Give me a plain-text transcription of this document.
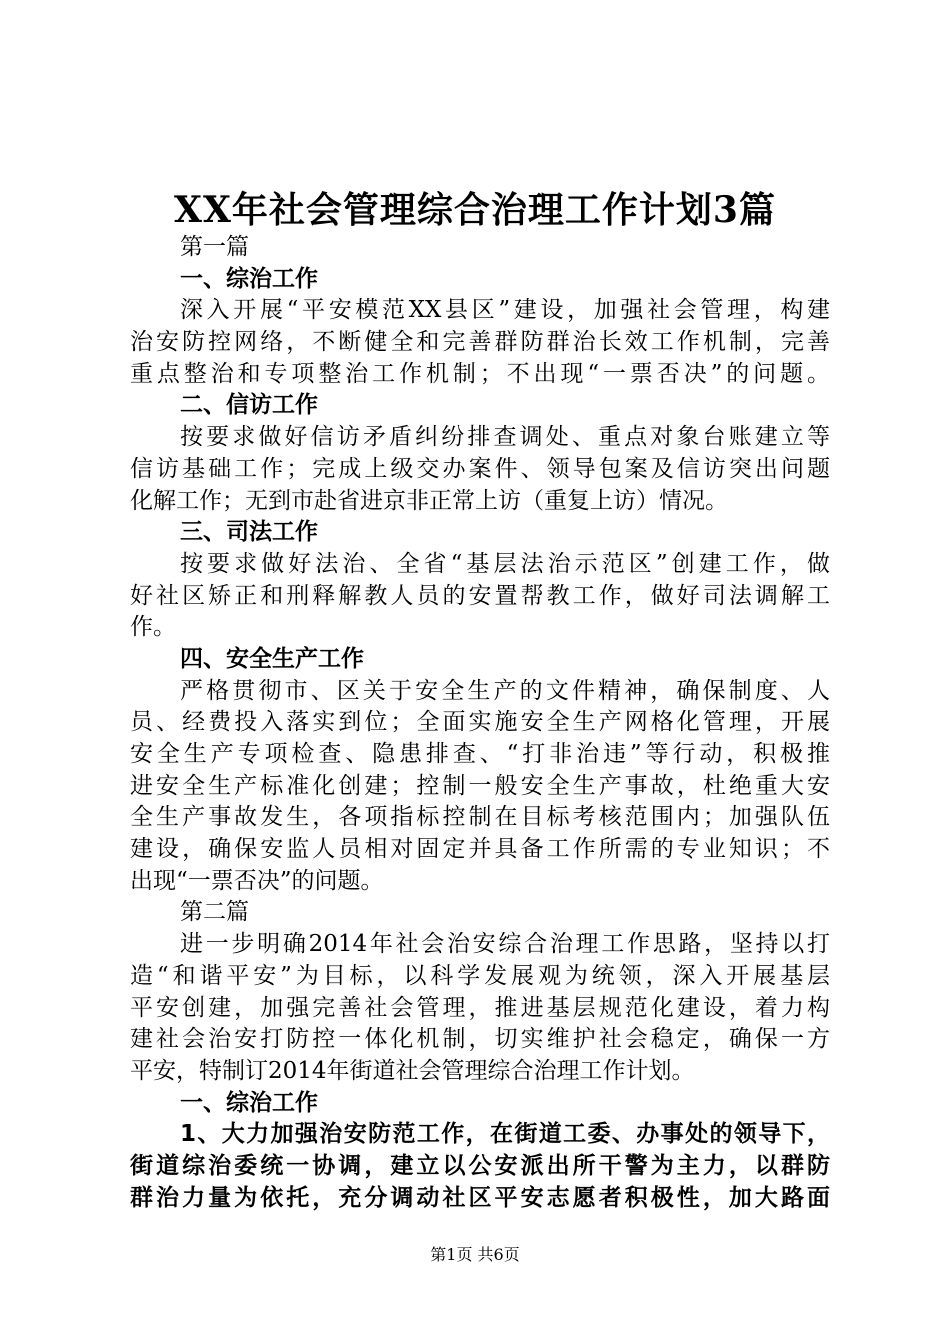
XX年社会管理综合治理工作计划3篇
第一篇
一、综治工作
深入开展“平安模范XX县区”建设，加强社会管理，构建
治安防控网络，不断健全和完善群防群治长效工作机制，完善
重点整治和专项整治工作机制；不出现“一票否决”的问题。
二、信访工作
按要求做好信访矛盾纠纷排查调处、重点对象台账建立等
信访基础工作；完成上级交办案件、领导包案及信访突出问题
化解工作；无到市赴省进京非正常上访（重复上访）情况。
三、司法工作
按要求做好法治、全省“基层法治示范区”创建工作，做
好社区矫正和刑释解教人员的安置帮教工作，做好司法调解工
作。
四、安全生产工作
严格贯彻市、区关于安全生产的文件精神，确保制度、人
员、经费投入落实到位；全面实施安全生产网格化管理，开展
安全生产专项检查、隐患排查、“打非治违”等行动，积极推
进安全生产标准化创建；控制一般安全生产事故，杜绝重大安
全生产事故发生，各项指标控制在目标考核范围内；加强队伍
建设，确保安监人员相对固定并具备工作所需的专业知识；不
出现“一票否决”的问题。
第二篇
进一步明确2014年社会治安综合治理工作思路，坚持以打
造“和谐平安”为目标，以科学发展观为统领，深入开展基层
平安创建，加强完善社会管理，推进基层规范化建设，着力构
建社会治安打防控一体化机制，切实维护社会稳定，确保一方
平安，特制订2014年街道社会管理综合治理工作计划。
一、综治工作
1、大力加强治安防范工作，在街道工委、办事处的领导下，
街道综治委统一协调，建立以公安派出所干警为主力，以群防
群治力量为依托，充分调动社区平安志愿者积极性，加大路面
第1页 共6页
